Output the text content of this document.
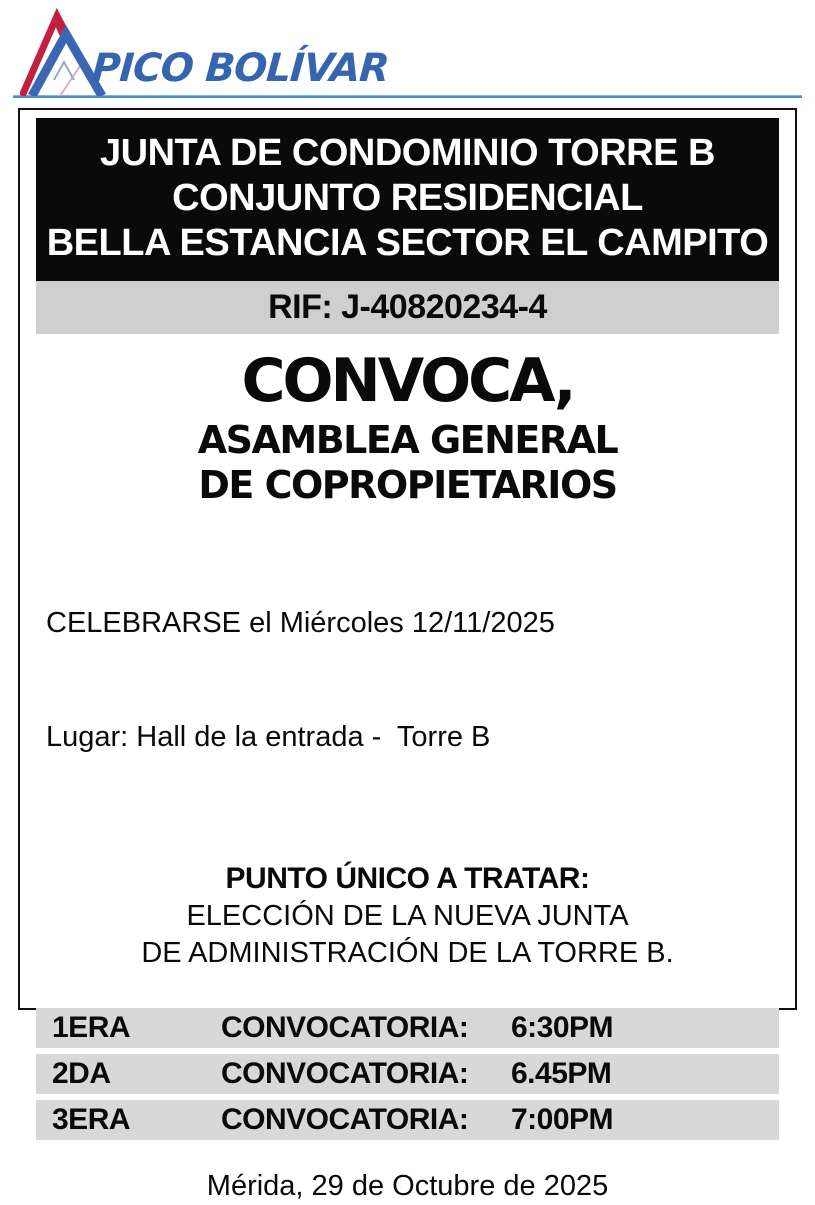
PICO BOLÍVAR
JUNTA DE CONDOMINIO TORRE B
CONJUNTO RESIDENCIAL
BELLA ESTANCIA SECTOR EL CAMPITO
RIF: J-40820234-4
CONVOCA,
ASAMBLEA GENERAL
DE COPROPIETARIOS

CELEBRARSE el Miércoles 12/11/2025

Lugar: Hall de la entrada -  Torre B

PUNTO ÚNICO A TRATAR:
ELECCIÓN DE LA NUEVA JUNTA
DE ADMINISTRACIÓN DE LA TORRE B.
1ERA	CONVOCATORIA:	6:30PM
2DA	CONVOCATORIA:	6.45PM
3ERA	CONVOCATORIA:	7:00PM
Mérida, 29 de Octubre de 2025
